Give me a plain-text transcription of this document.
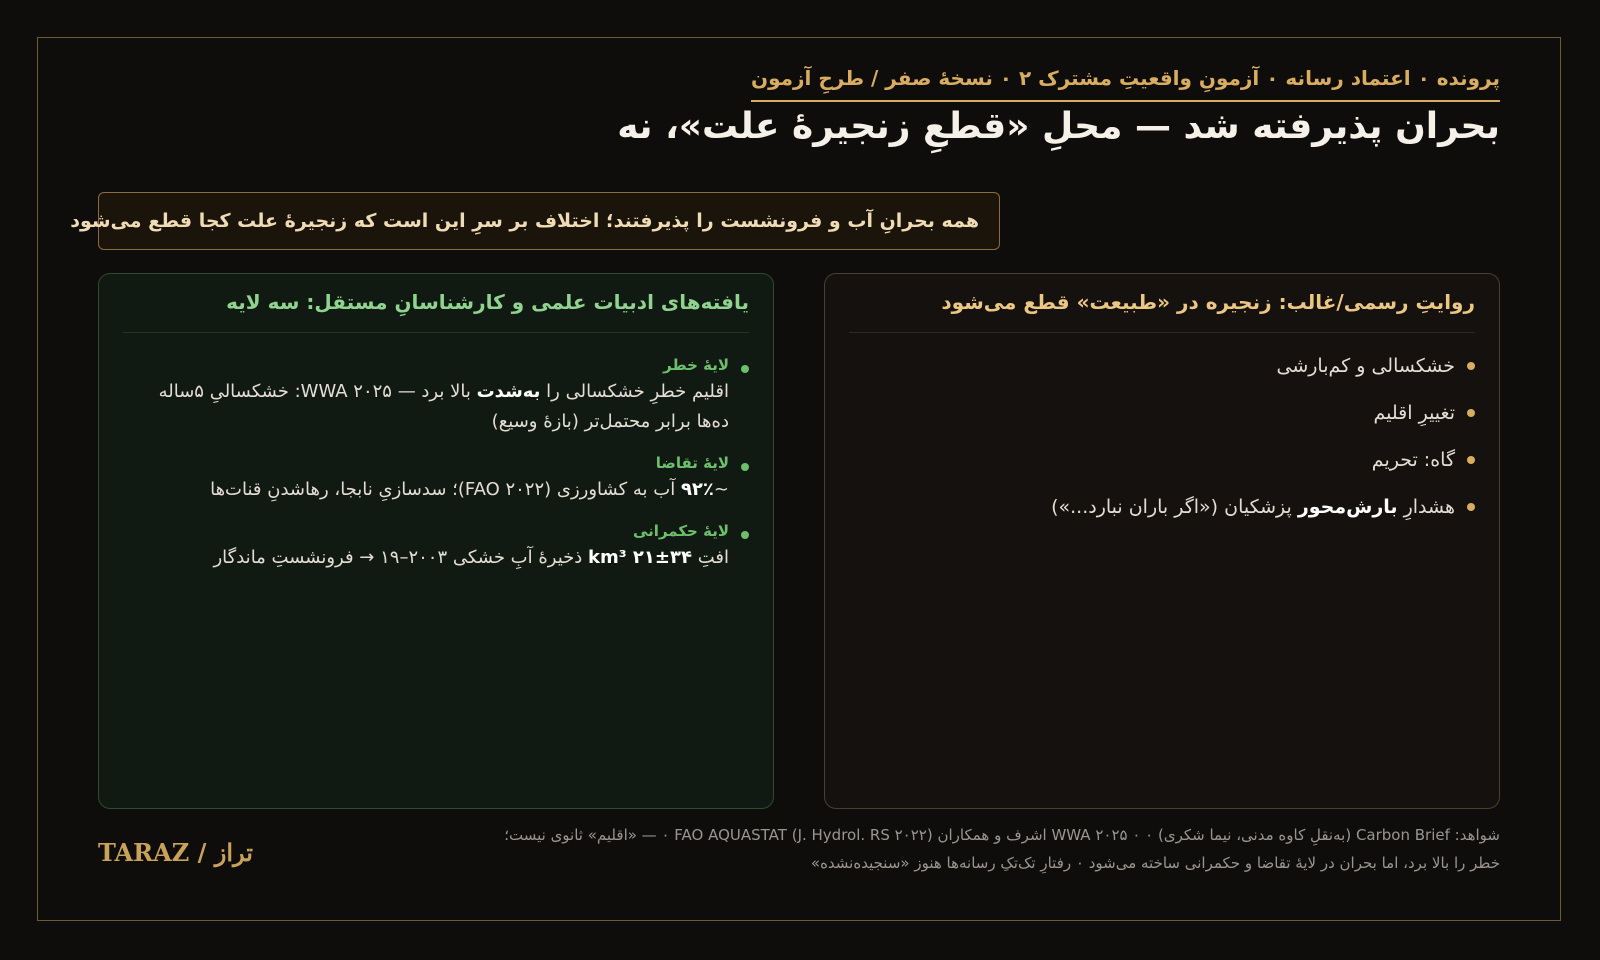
پرونده ۰ اعتماد رسانه ۰ آزمونِ واقعیتِ مشترک ۲ ۰ نسخهٔ صفر / طرحِ آزمون
بحران پذیرفته شد — محلِ «قطعِ زنجیرهٔ علت»، نه
همه بحرانِ آب و فرونشست را پذیرفتند؛ اختلاف بر سرِ این است که زنجیرهٔ علت کجا قطع می‌شود
روایتِ رسمی/غالب: زنجیره در «طبیعت» قطع می‌شود
خشکسالی و کم‌بارشی
تغییرِ اقلیم
گاه: تحریم
هشدارِ بارش‌محور پزشکیان («اگر باران نبارد...»)
یافته‌های ادبیات علمی و کارشناسانِ مستقل: سه لایه
لایهٔ خطر
اقلیم خطرِ خشکسالی را به‌شدت بالا برد — WWA ۲۰۲۵: خشکسالیِ ۵ساله ده‌ها برابر محتمل‌تر (بازهٔ وسیع)
لایهٔ تقاضا
~۹۲٪ آب به کشاورزی (FAO ۲۰۲۲)؛ سدسازیِ نابجا، رهاشدنِ قنات‌ها
لایهٔ حکمرانی
افتِ ۳۴±۲۱ km³ ذخیرهٔ آبِ خشکی ۲۰۰۳–۱۹ → فرونشستِ ماندگار
شواهد: Carbon Brief (به‌نقلِ کاوه مدنی، نیما شکری) ۰ WWA ۲۰۲۵ ۰ اشرف و همکاران (J. Hydrol. RS ۲۰۲۲) ۰ FAO AQUASTAT — «اقلیم» ثانوی نیست؛
خطر را بالا برد، اما بحران در لایهٔ تقاضا و حکمرانی ساخته می‌شود ۰ رفتارِ تک‌تکِ رسانه‌ها هنوز «سنجیده‌نشده»
TARAZ / تراز
